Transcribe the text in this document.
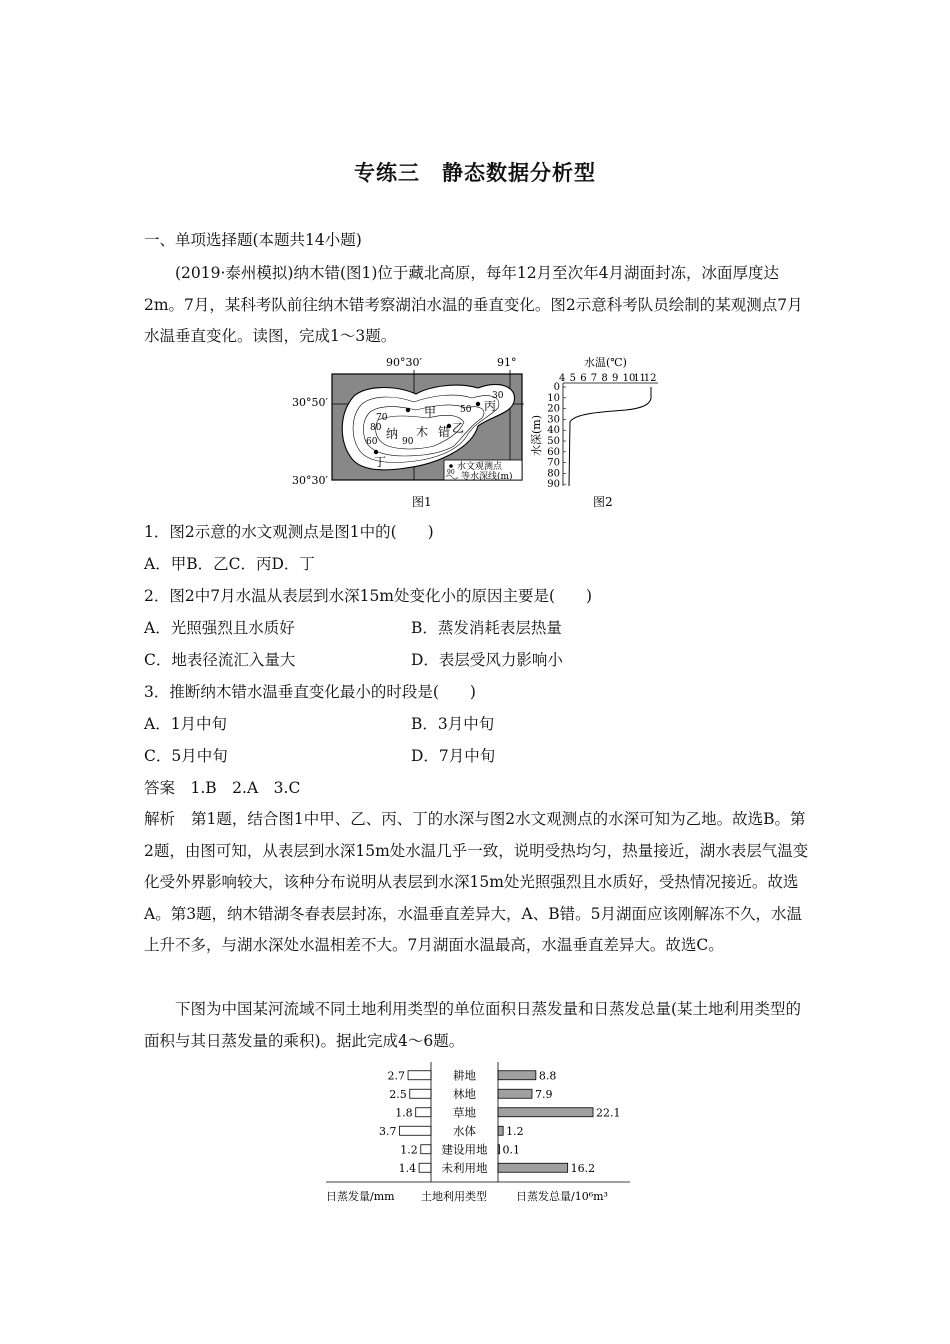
专练三　静态数据分析型
一、单项选择题(本题共14小题)
(2019·泰州模拟)纳木错(图1)位于藏北高原，每年12月至次年4月湖面封冻，冰面厚度达2m。7月，某科考队前往纳木错考察湖泊水温的垂直变化。图2示意科考队员绘制的某观测点7月水温垂直变化。读图，完成1～3题。
90°30′	91°
30°50′
30°30′
甲
乙
丙
丁
纳 木 错
80
90
70
60
50
30
水文观测点
90 等水深线(m)
图1
水温(℃)
4 5 6 7 8 9 10
11
12
0
10
20
30
40
50
60
70
80
90
水深(m)
图2
1．图2示意的水文观测点是图1中的(　　)
A．甲B．乙C．丙D．丁
2．图2中7月水温从表层到水深15m处变化小的原因主要是(　　)
A．光照强烈且水质好	B．蒸发消耗表层热量
C．地表径流汇入量大	D．表层受风力影响小
3．推断纳木错水温垂直变化最小的时段是(　　)
A．1月中旬	B．3月中旬
C．5月中旬	D．7月中旬
答案　1.B　2.A　3.C
解析 第1题，结合图1中甲、乙、丙、丁的水深与图2水文观测点的水深可知为乙地。故选B。第2题，由图可知，从表层到水深15m处水温几乎一致，说明受热均匀，热量接近，湖水表层气温变化受外界影响较大，该种分布说明从表层到水深15m处光照强烈且水质好，受热情况接近。故选A。第3题，纳木错湖冬春表层封冻，水温垂直差异大，A、B错。5月湖面应该刚解冻不久，水温上升不多，与湖水深处水温相差不大。7月湖面水温最高，水温垂直差异大。故选C。
下图为中国某河流域不同土地利用类型的单位面积日蒸发量和日蒸发总量(某土地利用类型的面积与其日蒸发量的乘积)。据此完成4～6题。
2.7
2.5
1.8
3.7
1.2
1.4
8.8
7.9
22.1
1.2
0.1
16.2
耕地
林地
草地
水体
建设用地
未利用地
日蒸发量/mm 土地利用类型	日蒸发总量/10⁶m³
